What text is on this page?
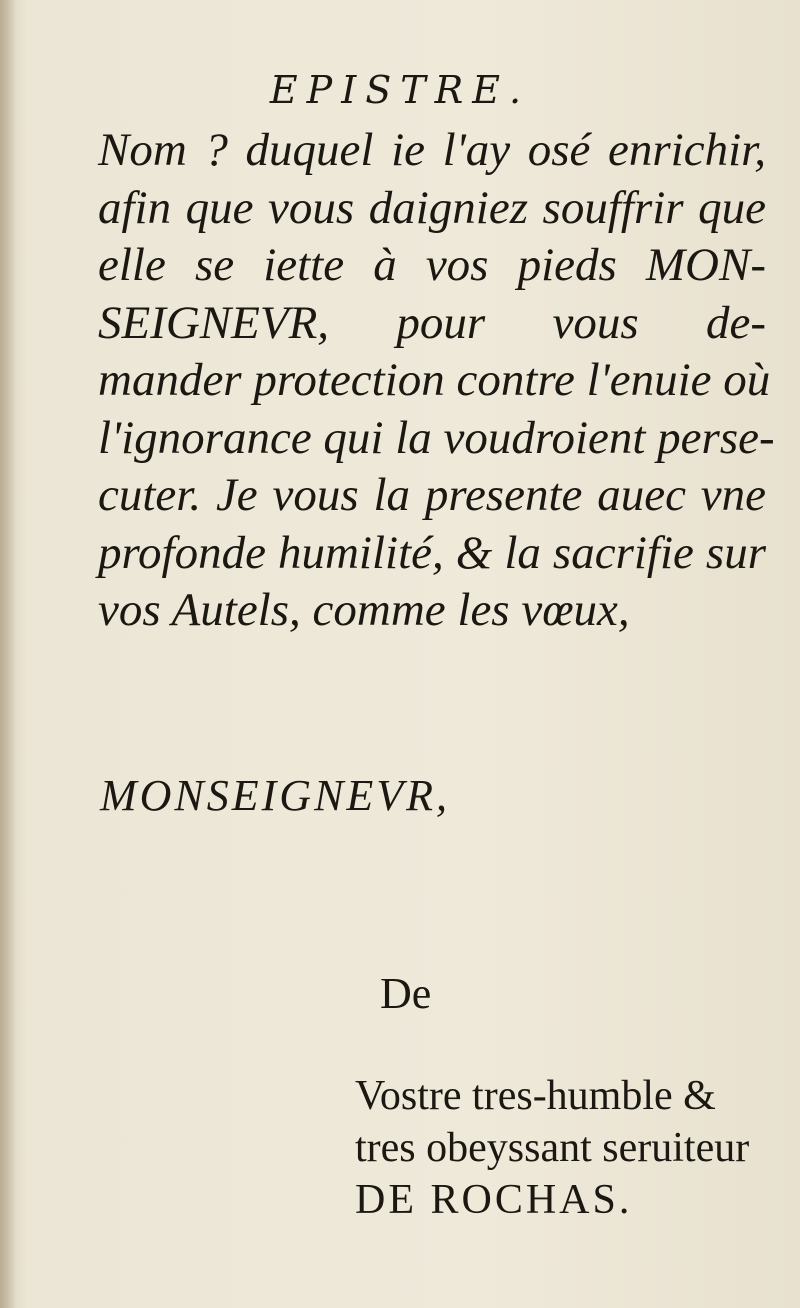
EPISTRE.
Nom ? duquel ie l'ay osé enrichir,
afin que vous daigniez souffrir que
elle se iette à vos pieds MON-
SEIGNEVR, pour vous de-
mander protection contre l'enuie où
l'ignorance qui la voudroient perse-
cuter. Je vous la presente auec vne
profonde humilité, & la sacrifie sur
vos Autels, comme les vœux,
MONSEIGNEVR,
De
Vostre tres-humble &
tres obeyssant seruiteur
DE ROCHAS.
